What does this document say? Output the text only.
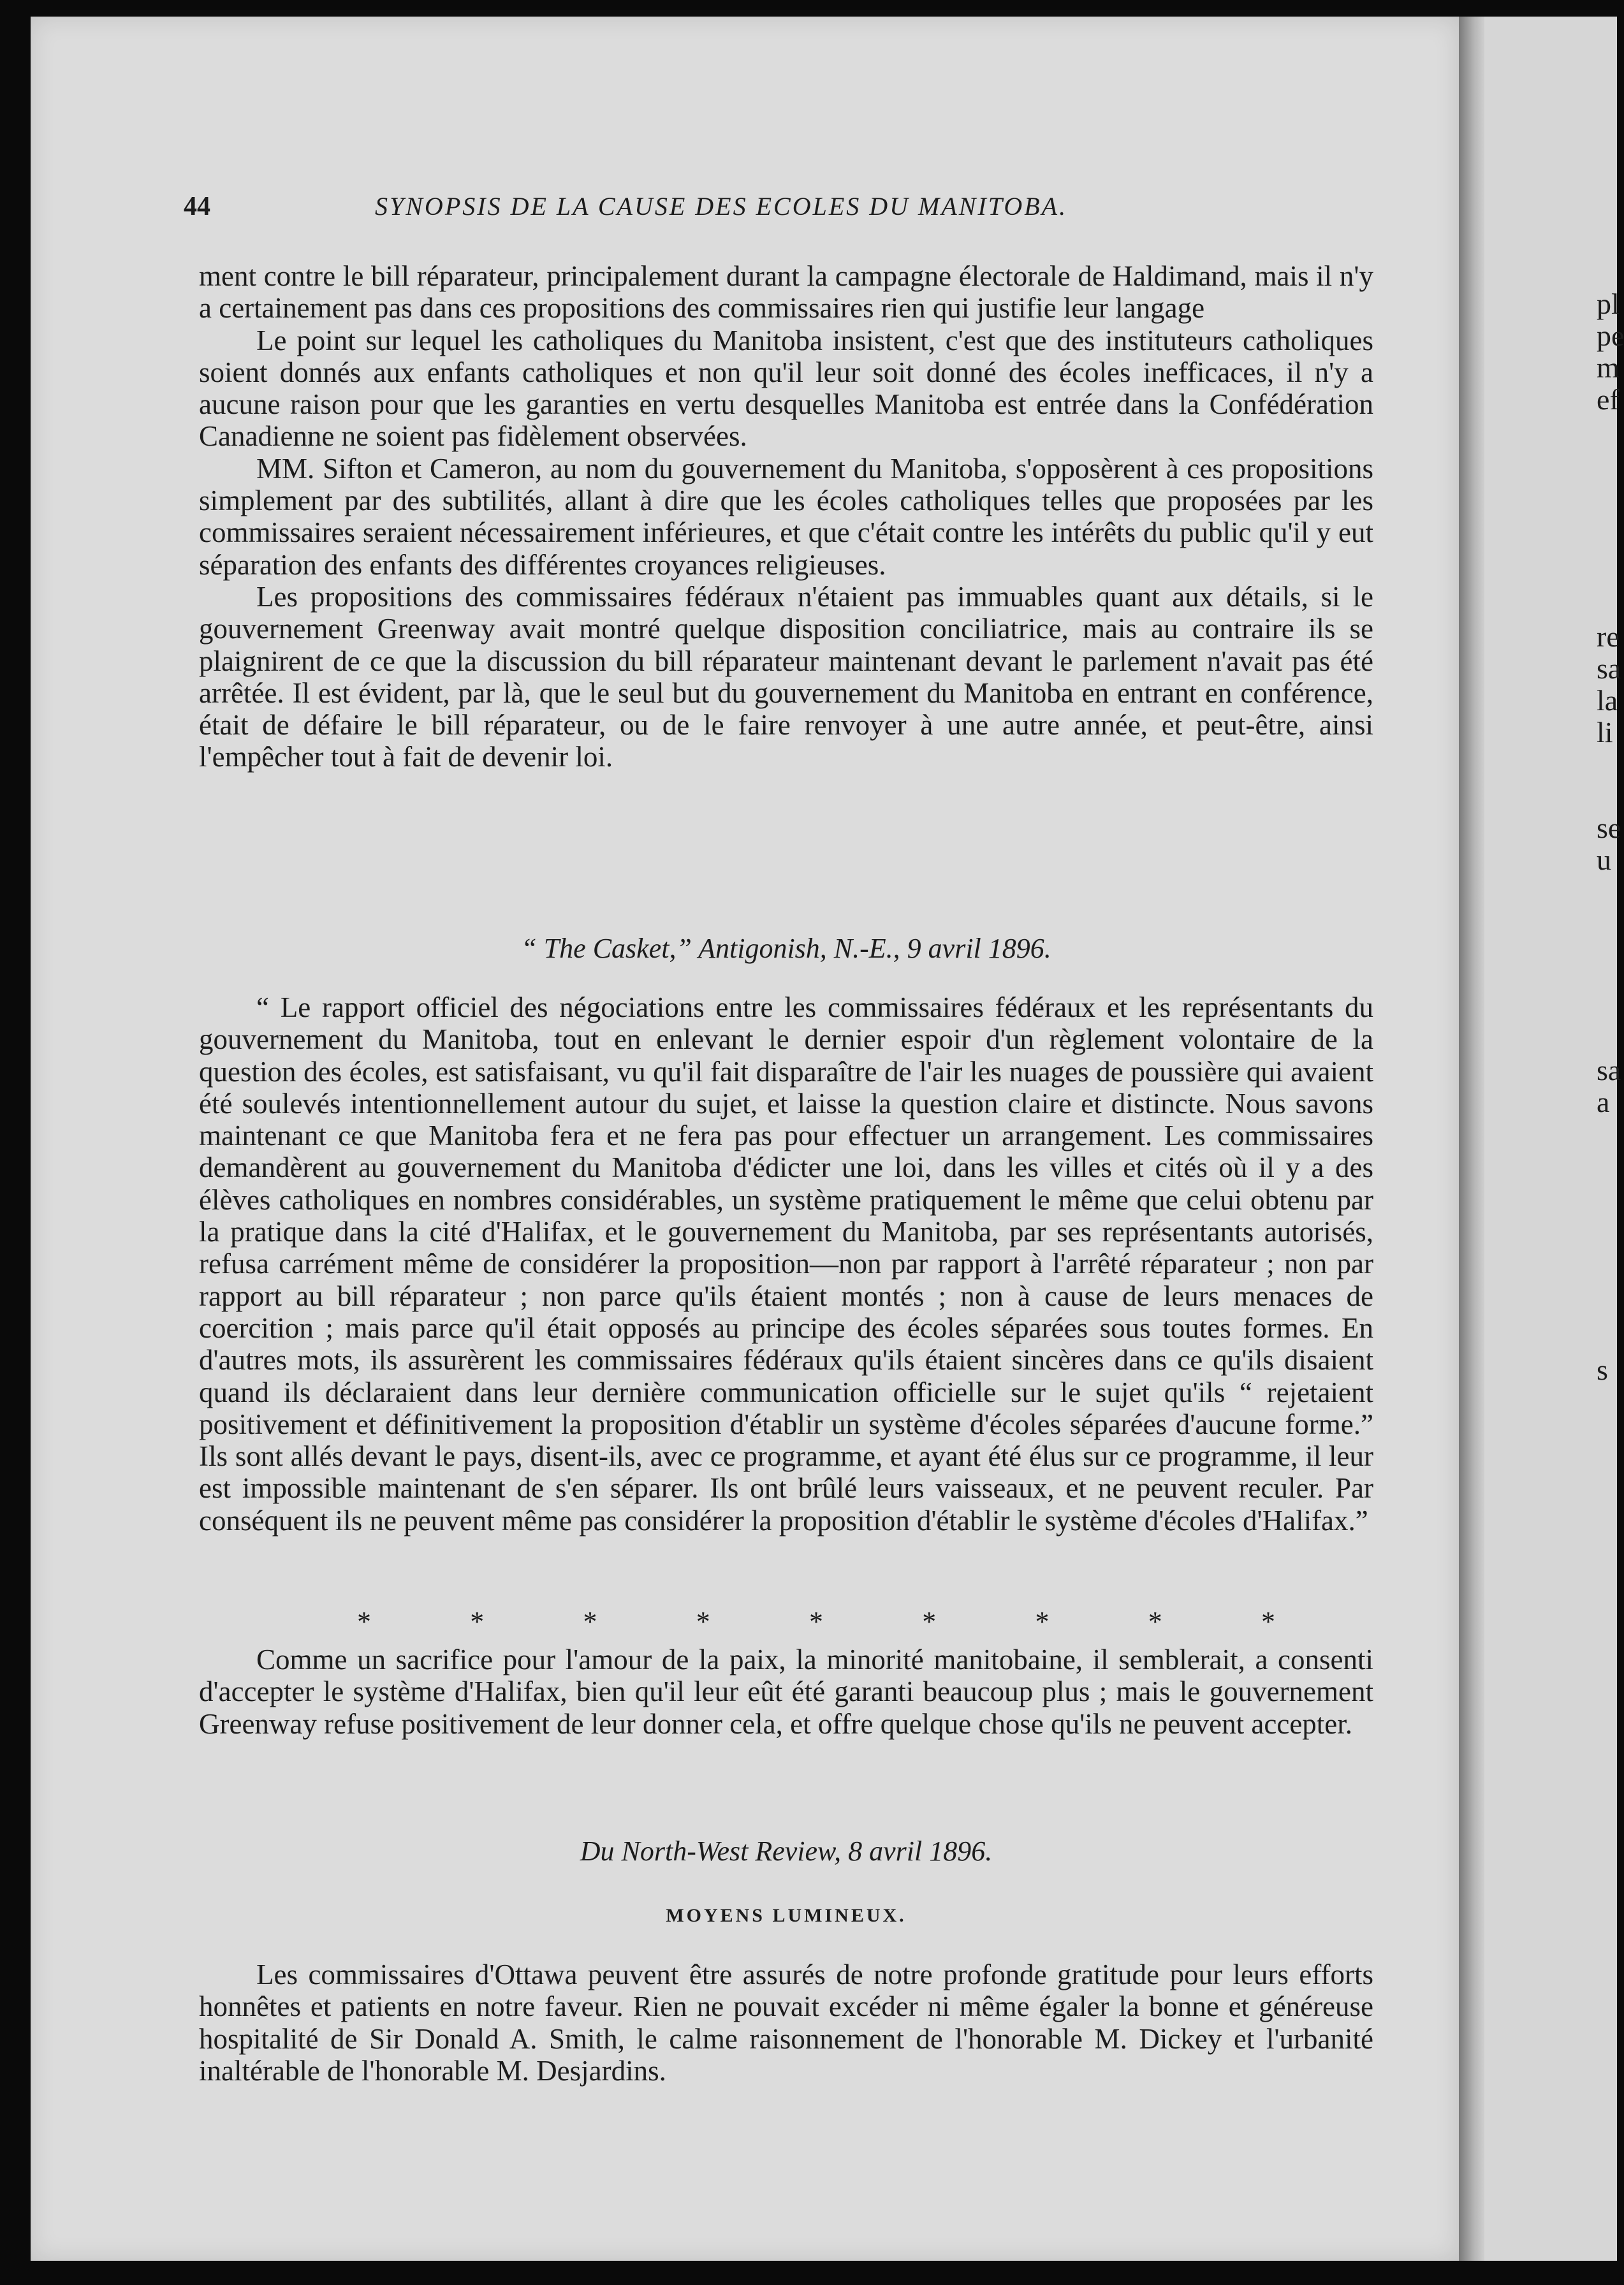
pl
pe
m
ef
re
sa
la
li
se
u
sa
a
s
44	SYNOPSIS DE LA CAUSE DES ECOLES DU MANITOBA.

ment contre le bill réparateur, principalement durant la campagne électorale de Haldimand, mais il n'y a certainement pas dans ces propositions des commissaires rien qui justifie leur langage

Le point sur lequel les catholiques du Manitoba insistent, c'est que des instituteurs catholiques soient donnés aux enfants catholiques et non qu'il leur soit donné des écoles inefficaces, il n'y a aucune raison pour que les garanties en vertu desquelles Manitoba est entrée dans la Confédération Canadienne ne soient pas fidèlement observées.

MM. Sifton et Cameron, au nom du gouvernement du Manitoba, s'opposèrent à ces propositions simplement par des subtilités, allant à dire que les écoles catholiques telles que proposées par les commissaires seraient nécessairement inférieures, et que c'était contre les intérêts du public qu'il y eut séparation des enfants des différentes croyances religieuses.

Les propositions des commissaires fédéraux n'étaient pas immuables quant aux détails, si le gouvernement Greenway avait montré quelque disposition conciliatrice, mais au contraire ils se plaignirent de ce que la discussion du bill réparateur maintenant devant le parlement n'avait pas été arrêtée. Il est évident, par là, que le seul but du gouvernement du Manitoba en entrant en conférence, était de défaire le bill réparateur, ou de le faire renvoyer à une autre année, et peut-être, ainsi l'empêcher tout à fait de devenir loi.

“ The Casket,” Antigonish, N.-E., 9 avril 1896.

“ Le rapport officiel des négociations entre les commissaires fédéraux et les représentants du gouvernement du Manitoba, tout en enlevant le dernier espoir d'un règlement volontaire de la question des écoles, est satisfaisant, vu qu'il fait disparaître de l'air les nuages de poussière qui avaient été soulevés intentionnellement autour du sujet, et laisse la question claire et distincte. Nous savons maintenant ce que Manitoba fera et ne fera pas pour effectuer un arrangement. Les commissaires demandèrent au gouvernement du Manitoba d'édicter une loi, dans les villes et cités où il y a des élèves catholiques en nombres considérables, un système pratiquement le même que celui obtenu par la pratique dans la cité d'Halifax, et le gouvernement du Manitoba, par ses représentants autorisés, refusa carrément même de considérer la proposition—non par rapport à l'arrêté réparateur ; non par rapport au bill réparateur ; non parce qu'ils étaient montés ; non à cause de leurs menaces de coercition ; mais parce qu'il était opposés au principe des écoles séparées sous toutes formes. En d'autres mots, ils assurèrent les commissaires fédéraux qu'ils étaient sincères dans ce qu'ils disaient quand ils déclaraient dans leur dernière communication officielle sur le sujet qu'ils “ rejetaient positivement et définitivement la proposition d'établir un système d'écoles séparées d'aucune forme.” Ils sont allés devant le pays, disent-ils, avec ce programme, et ayant été élus sur ce programme, il leur est impossible maintenant de s'en séparer. Ils ont brûlé leurs vaisseaux, et ne peuvent reculer. Par conséquent ils ne peuvent même pas considérer la proposition d'établir le système d'écoles d'Halifax.”

*	*	*	*	*	*	*	*	*

Comme un sacrifice pour l'amour de la paix, la minorité manitobaine, il semblerait, a consenti d'accepter le système d'Halifax, bien qu'il leur eût été garanti beaucoup plus ; mais le gouvernement Greenway refuse positivement de leur donner cela, et offre quelque chose qu'ils ne peuvent accepter.

Du North-West Review, 8 avril 1896.
MOYENS LUMINEUX.

Les commissaires d'Ottawa peuvent être assurés de notre profonde gratitude pour leurs efforts honnêtes et patients en notre faveur. Rien ne pouvait excéder ni même égaler la bonne et généreuse hospitalité de Sir Donald A. Smith, le calme raisonnement de l'honorable M. Dickey et l'urbanité inaltérable de l'honorable M. Desjardins.
